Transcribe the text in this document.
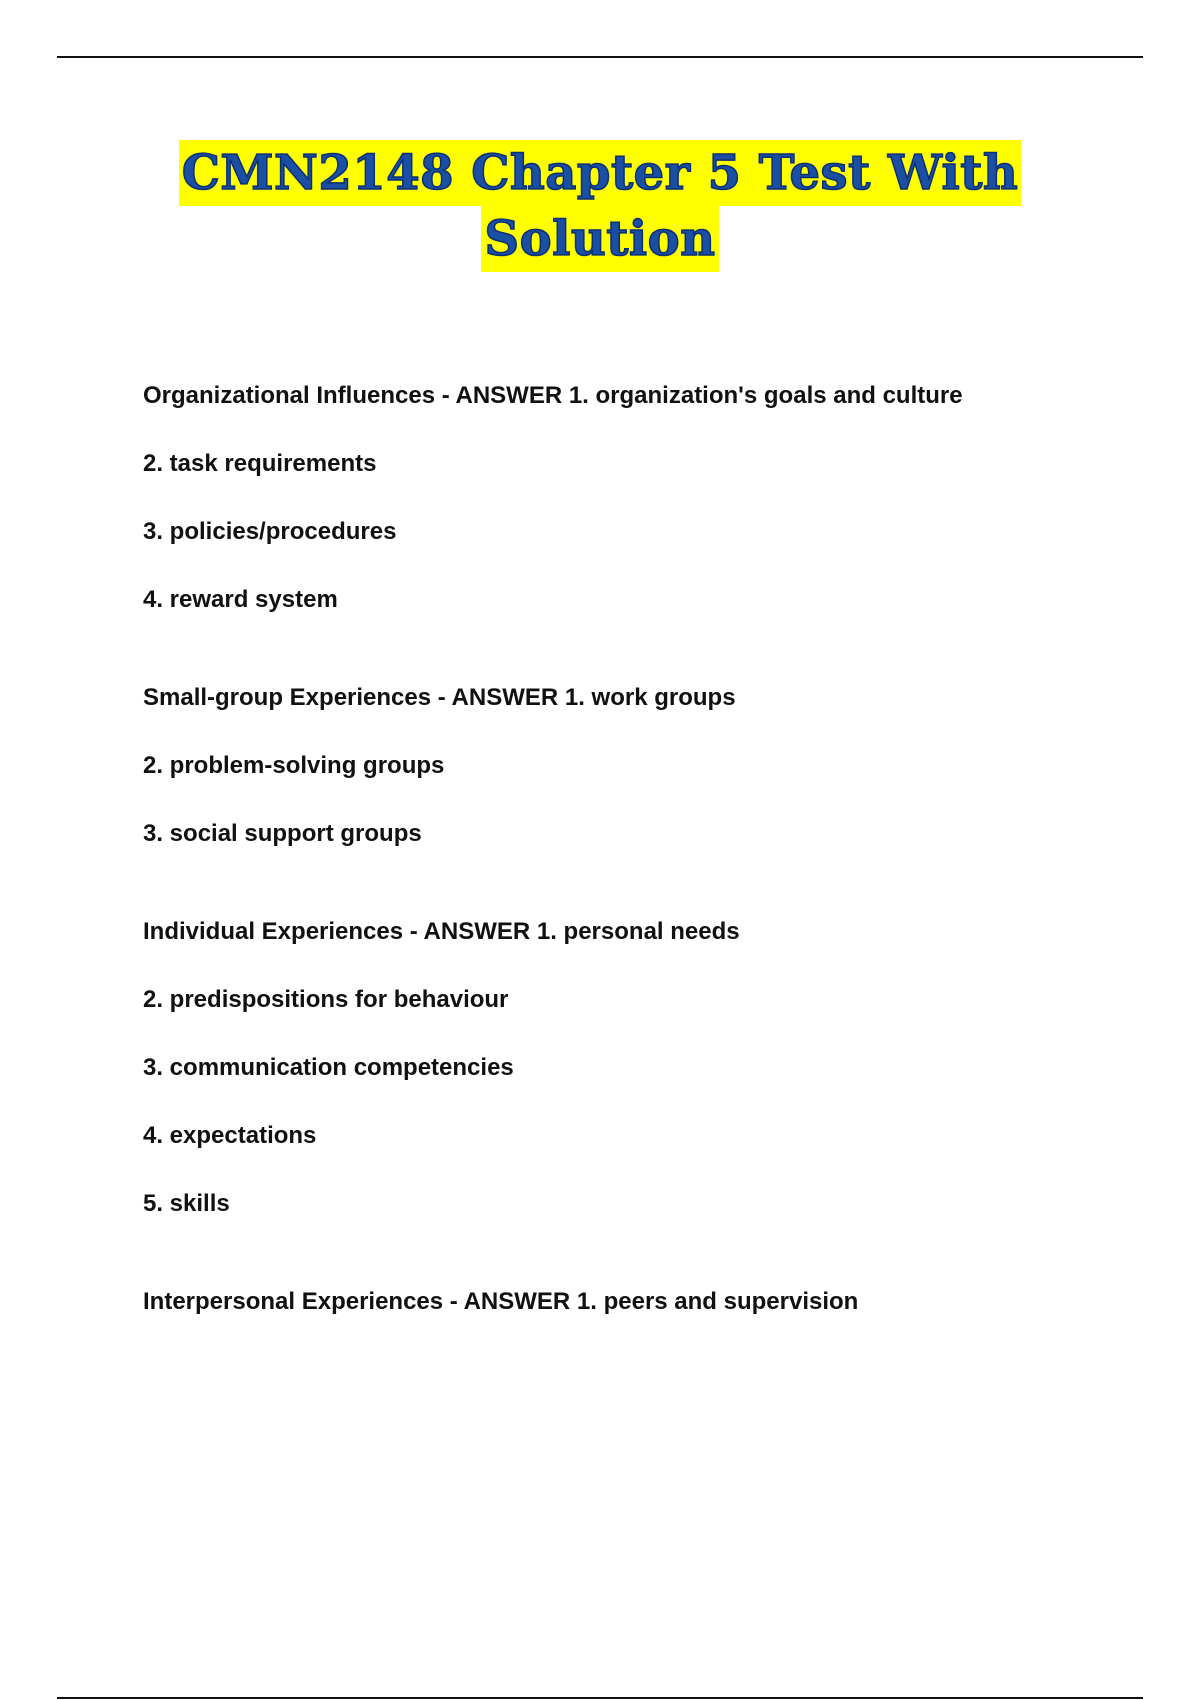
CMN2148 Chapter 5 Test With
Solution
Organizational Influences - ANSWER 1. organization's goals and culture
2. task requirements
3. policies/procedures
4. reward system
Small-group Experiences - ANSWER 1. work groups
2. problem-solving groups
3. social support groups
Individual Experiences - ANSWER 1. personal needs
2. predispositions for behaviour
3. communication competencies
4. expectations
5. skills
Interpersonal Experiences - ANSWER 1. peers and supervision
